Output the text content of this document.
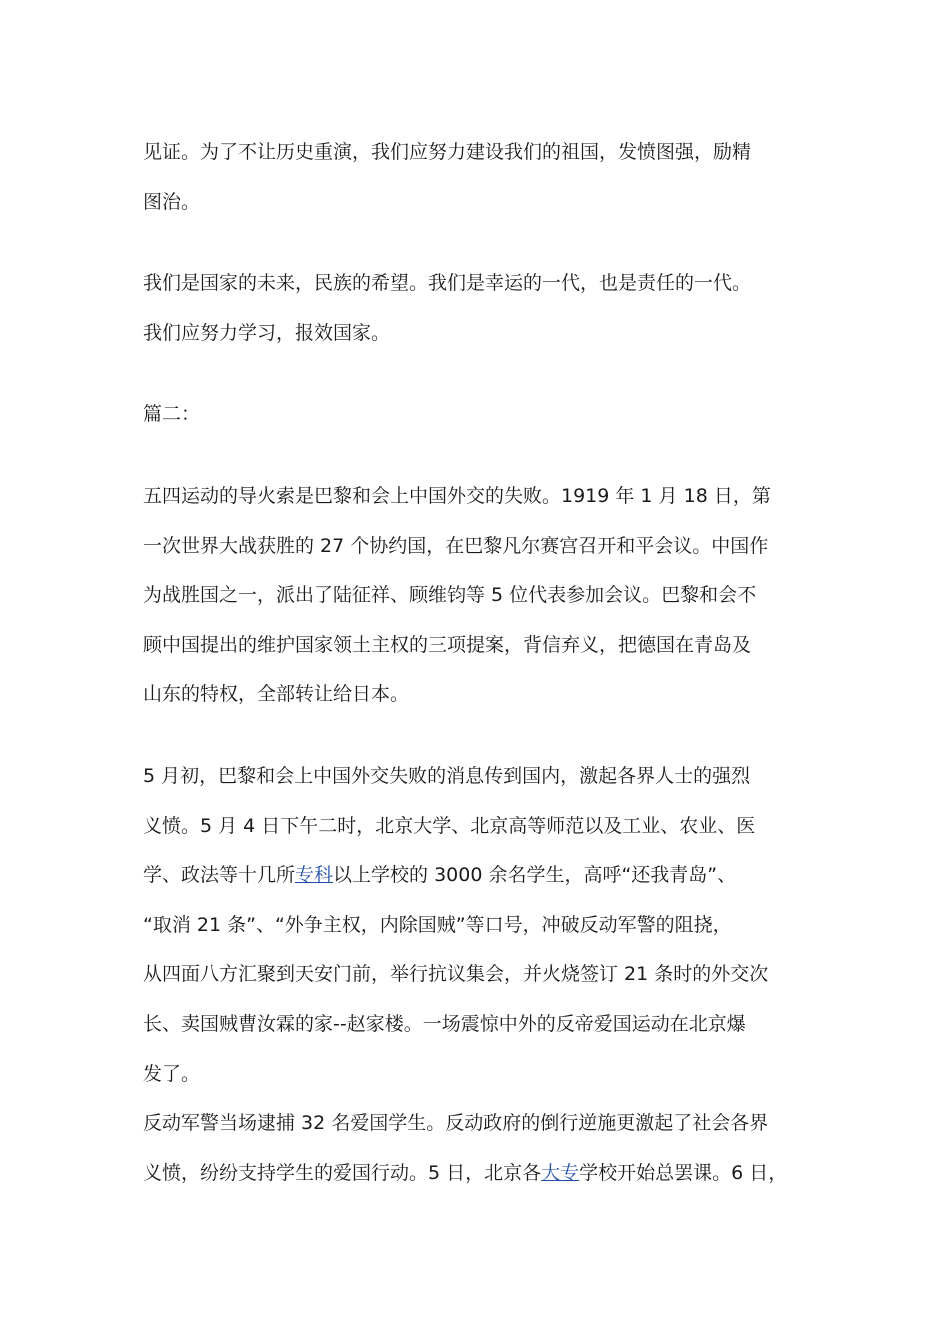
见证。为了不让历史重演，我们应努力建设我们的祖国，发愤图强，励精
图治。
我们是国家的未来，民族的希望。我们是幸运的一代，也是责任的一代。
我们应努力学习，报效国家。
篇二：
五四运动的导火索是巴黎和会上中国外交的失败。1919 年 1 月 18 日，第
一次世界大战获胜的 27 个协约国，在巴黎凡尔赛宫召开和平会议。中国作
为战胜国之一，派出了陆征祥、顾维钧等 5 位代表参加会议。巴黎和会不
顾中国提出的维护国家领土主权的三项提案，背信弃义，把德国在青岛及
山东的特权，全部转让给日本。
5 月初，巴黎和会上中国外交失败的消息传到国内，激起各界人士的强烈
义愤。5 月 4 日下午二时，北京大学、北京高等师范以及工业、农业、医
学、政法等十几所专科以上学校的 3000 余名学生，高呼“还我青岛”、
“取消 21 条”、“外争主权，内除国贼”等口号，冲破反动军警的阻挠，
从四面八方汇聚到天安门前，举行抗议集会，并火烧签订 21 条时的外交次
长、卖国贼曹汝霖的家--赵家楼。一场震惊中外的反帝爱国运动在北京爆
发了。
反动军警当场逮捕 32 名爱国学生。反动政府的倒行逆施更激起了社会各界
义愤，纷纷支持学生的爱国行动。5 日，北京各大专学校开始总罢课。6 日，
